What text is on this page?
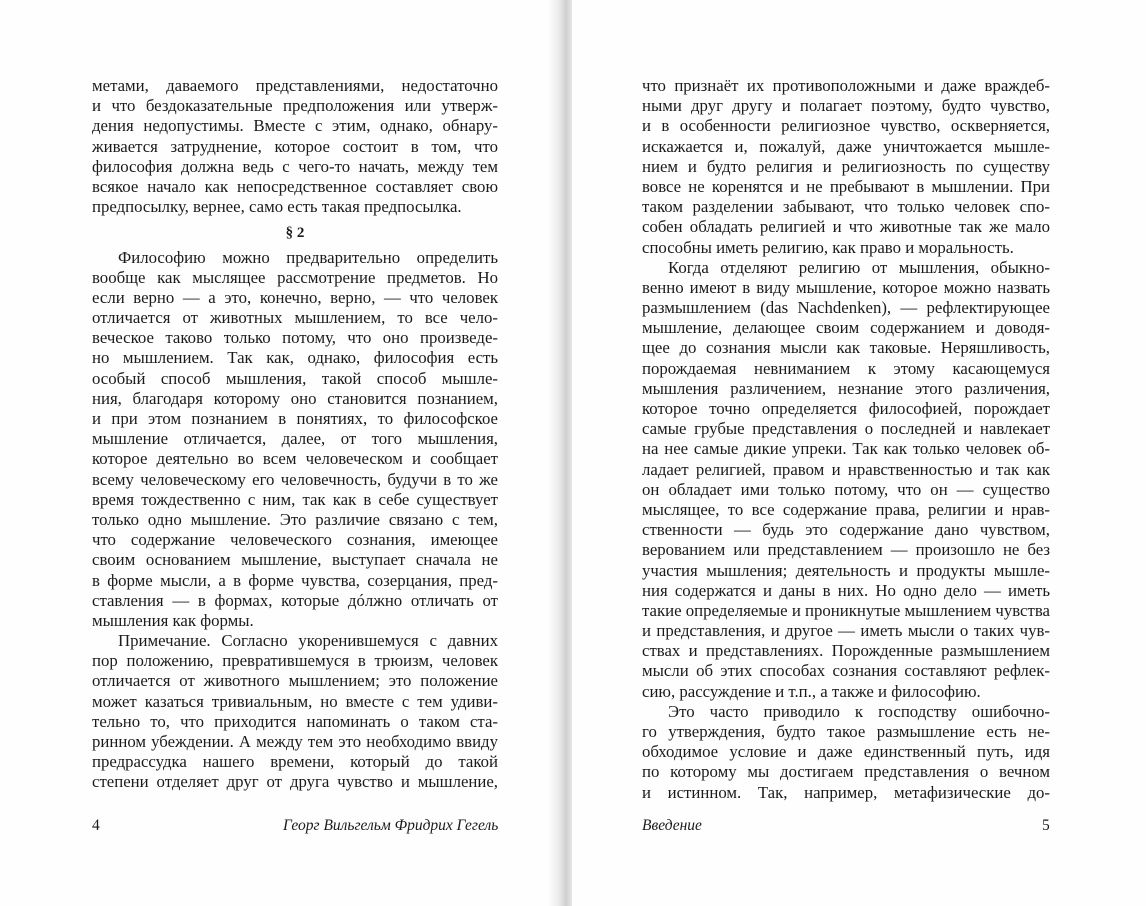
метами, даваемого представлениями, недостаточно
и что бездоказательные предположения или утверж-
дения недопустимы. Вместе с этим, однако, обнару-
живается затруднение, которое состоит в том, что
философия должна ведь с чего-то начать, между тем
всякое начало как непосредственное составляет свою
предпосылку, вернее, само есть такая предпосылка.
§ 2
Философию можно предварительно определить
вообще как мыслящее рассмотрение предметов. Но
если верно — а это, конечно, верно, — что человек
отличается от животных мышлением, то все чело-
веческое таково только потому, что оно произведе-
но мышлением. Так как, однако, философия есть
особый способ мышления, такой способ мышле-
ния, благодаря которому оно становится познанием,
и при этом познанием в понятиях, то философское
мышление отличается, далее, от того мышления,
которое деятельно во всем человеческом и сообщает
всему человеческому его человечность, будучи в то же
время тождественно с ним, так как в себе существует
только одно мышление. Это различие связано с тем,
что содержание человеческого сознания, имеющее
своим основанием мышление, выступает сначала не
в форме мысли, а в форме чувства, созерцания, пред-
ставления — в формах, которые дóлжно отличать от
мышления как формы.
Примечание. Согласно укоренившемуся с давних
пор положению, превратившемуся в трюизм, человек
отличается от животного мышлением; это положение
может казаться тривиальным, но вместе с тем удиви-
тельно то, что приходится напоминать о таком ста-
ринном убеждении. А между тем это необходимо ввиду
предрассудка нашего времени, который до такой
степени отделяет друг от друга чувство и мышление,
4	Георг Вильгельм Фридрих Гегель
что признаёт их противоположными и даже враждеб-
ными друг другу и полагает поэтому, будто чувство,
и в особенности религиозное чувство, оскверняется,
искажается и, пожалуй, даже уничтожается мышле-
нием и будто религия и религиозность по существу
вовсе не коренятся и не пребывают в мышлении. При
таком разделении забывают, что только человек спо-
собен обладать религией и что животные так же мало
способны иметь религию, как право и моральность.
Когда отделяют религию от мышления, обыкно-
венно имеют в виду мышление, которое можно назвать
размышлением (das Nachdenken), — рефлектирующее
мышление, делающее своим содержанием и доводя-
щее до сознания мысли как таковые. Неряшливость,
порождаемая невниманием к этому касающемуся
мышления различением, незнание этого различения,
которое точно определяется философией, порождает
самые грубые представления о последней и навлекает
на нее самые дикие упреки. Так как только человек об-
ладает религией, правом и нравственностью и так как
он обладает ими только потому, что он — существо
мыслящее, то все содержание права, религии и нрав-
ственности — будь это содержание дано чувством,
верованием или представлением — произошло не без
участия мышления; деятельность и продукты мышле-
ния содержатся и даны в них. Но одно дело — иметь
такие определяемые и проникнутые мышлением чувства
и представления, и другое — иметь мысли о таких чув-
ствах и представлениях. Порожденные размышлением
мысли об этих способах сознания составляют рефлек-
сию, рассуждение и т.п., а также и философию.
Это часто приводило к господству ошибочно-
го утверждения, будто такое размышление есть не-
обходимое условие и даже единственный путь, идя
по которому мы достигаем представления о вечном
и истинном. Так, например, метафизические до-
Введение	5
